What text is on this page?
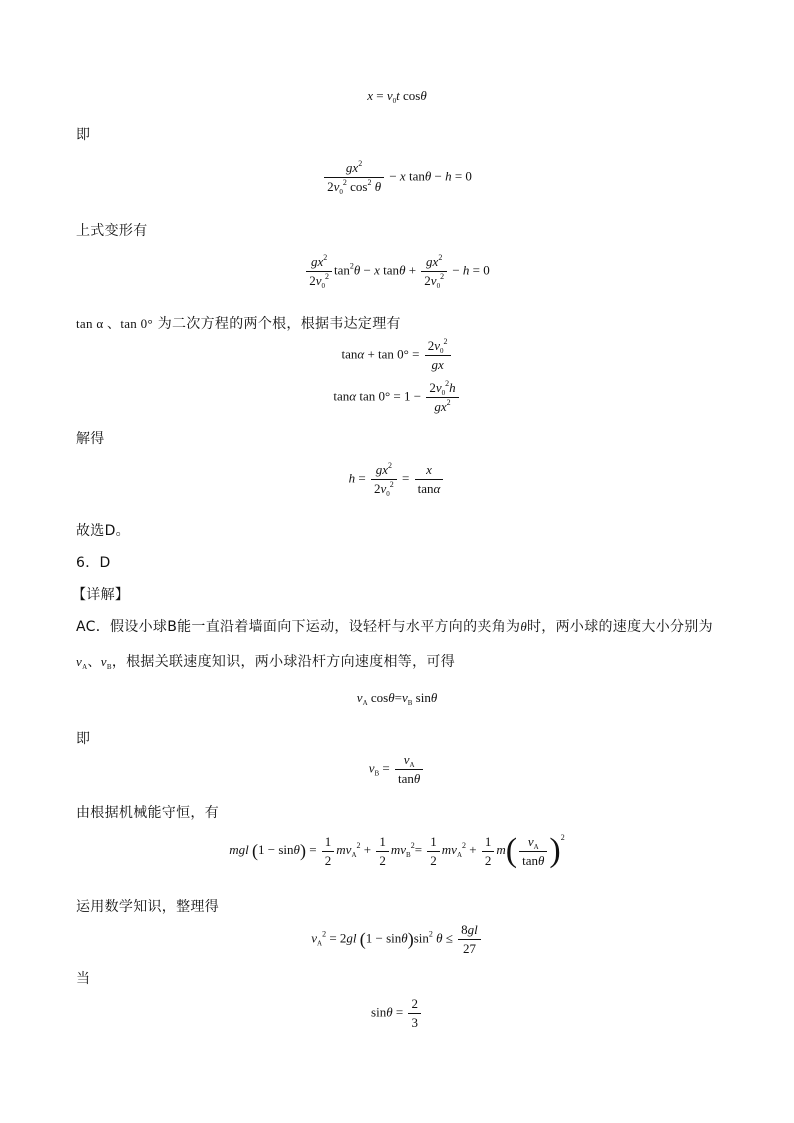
$x = v_0t$ cosθ
即
$\frac{gx^2}{2v_0^2 \cos^2 \theta} - x$ tanθ − h = 0
上式变形有
$\frac{gx^2}{2v_0^2} \tan^2\theta - x$ $\tan\theta + \frac{gx^2}{2v_0^2} - h = 0$
tan α 、tan 0° 为二次方程的两个根，根据韦达定理有
$\tan\alpha + \tan 0^\circ = \frac{2v_0^2}{gx}$
tanα $\tan 0^\circ = 1 - \frac{2v_0^2h}{gx^2}$
解得
$h = \frac{gx^2}{2v_0^2} = \frac{x}{\tan\alpha}$
故选D。
6．D
【详解】
AC．假设小球B能一直沿着墙面向下运动，设轻杆与水平方向的夹角为θ时，两小球的速度大小分别为
$v_A$、$v_B$，根据关联速度知识，两小球沿杆方向速度相等，可得
$v_A$ $\cos\theta=v_B$ sinθ
即
$v_B = \frac{v_A}{\tan\theta}$
由根据机械能守恒，有
mgl $(1 - \sin\theta) = \frac{1}{2} mv_A^2 + \frac{1}{2} mv_B^2= \frac{1}{2} mv_A^2 + \frac{1}{2} m( \frac{v_A}{\tan\theta} )^2$
运用数学知识，整理得
$v_A^2 = 2gl$ $(1 - \sin\theta)\sin^2$ $\theta \le \frac{8gl}{27}$
当
$\sin\theta = \frac{2}{3}$
